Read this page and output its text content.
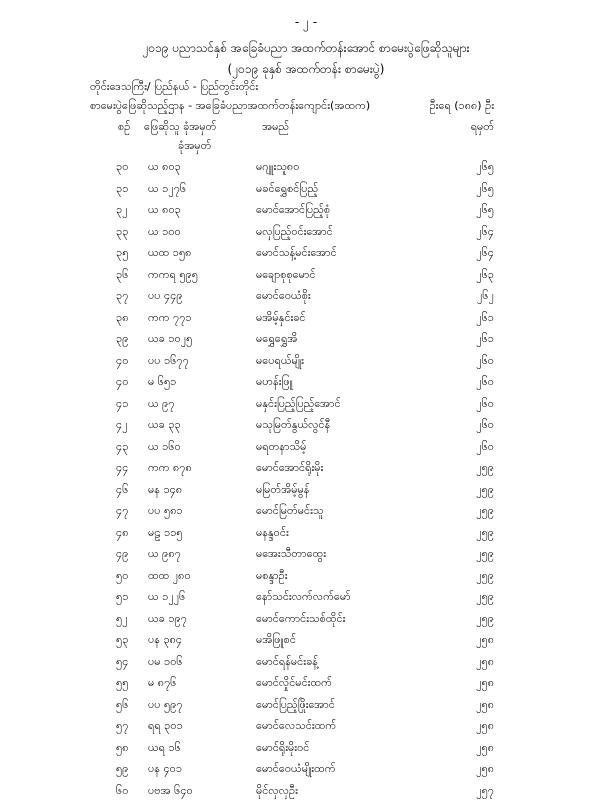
- ၂ -
၂၀၁၉ ပညာသင်နှစ် အခြေခံပညာ အထက်တန်းအောင် စာမေးပွဲဖြေဆိုသူများ
(၂၀၁၉ ခုနှစ် အထက်တန်း စာမေးပွဲ)
တိုင်းဒေသကြီး/ ပြည်နယ် - ပြည်တွင်းတိုင်း
စာမေးပွဲဖြေဆိုသည့်ဌာန - အခြေခံပညာအထက်တန်းကျောင်း(အထက)	ဦးရေ (၁၈၈) ဦး
စဉ် ဖြေဆိုသူ ခုံအမှတ်
ခုံအမှတ်
အမည်	ရမှတ်
၃၀ ယ ၈၀၃	မဂျူးသူ၈၀	၂၆၅
၃၁ ယ ၁၂၇၆	မခင်ရွှေစင်ပြည့်	၂၆၅
၃၂ ယ ၈၀၃	မောင်အောင်ပြည့်စုံ	၂၆၅
၃၃ ယ ၁၀၀	မလှပြည့်ဝင်းအောင်	၂၆၄
၃၅ ယထ ၁၅၈	မောင်သန့်မင်းအောင်	၂၆၄
၃၆ ကကရ ၅၉၅	မချောစုစုမောင်	၂၆၃
၃၇ ပပ ၄၄၉	မောင်ဝေယံစိုး	၂၆၂
၃၈ ကက ၇၇၁	မအိမ့်နှင်းခင်	၂၆၁
၃၉ ယခ ၁၀၂၅	မရွှေရွှေအိ	၂၆၁
၄၀ ပပ ၁၆၇၇	မပေရယ်မျိုး	၂၆၀
၄၀ မ ၆၅၁	မဟန်းဖြူ	၂၆၀
၄၁ ယ ၉၇	မနှင်းပြည့်ပြည့်အောင်	၂၆၀
၄၂ ယခ ၃၃	မသုမြတ်နွယ်လွင်နီ	၂၆၀
၄၃ ယ ၁၆၀	မရတနာသိမ့်	၂၆၀
၄၄ ကက ၈၇၈	မောင်အောင်ရိုးမိုး	၂၅၉
၄၆ မန ၁၄၈	မမြတ်အိမ့်မွန်	၂၅၉
၄၇ ပပ ၅၈၁	မောင်မြတ်မင်းသူ	၂၅၉
၄၈ မဠ ၁၁၅	မနန္ဒဝင်း	၂၅၉
၄၉ ယ ၉၈၇	မအေးသီတာထွေး	၂၅၉
၅၀ ထထ ၂၈၀	မစန္ဒာဦး	၂၅၉
၅၁ ယ ၁၂၂၆	နော်သင်းလက်လက်မော်	၂၅၉
၅၂ ယခ ၁၉၇	မောင်ကောင်းသစ်ထိုင်း	၂၅၉
၅၃ ပန ၃၈၄	မအိဖြူစင်	၂၅၈
၅၄ ပမ ၁၀၆	မောင်ရန်မင်းခန့်	၂၅၈
၅၅ မ ၈၇၆	မောင်လှိုင်မင်းထက်	၂၅၈
၅၆ ပပ ၅၉၇	မောင်ပြည့်ဖြိုးအောင်	၂၅၈
၅၇ ရရ ၃၀၁	မောင်လေသင်းထက်	၂၅၈
၅၈ ယရ ၁၆	မောင်ရိုးမိုးဝင်	၂၅၈
၅၉ ပန ၄၀၁	မောင်ဝေယံမျိုးထက်	၂၅၈
၆၀ ပဗအ ၆၄၀	မိုင်လှလှဦး	၂၅၇
